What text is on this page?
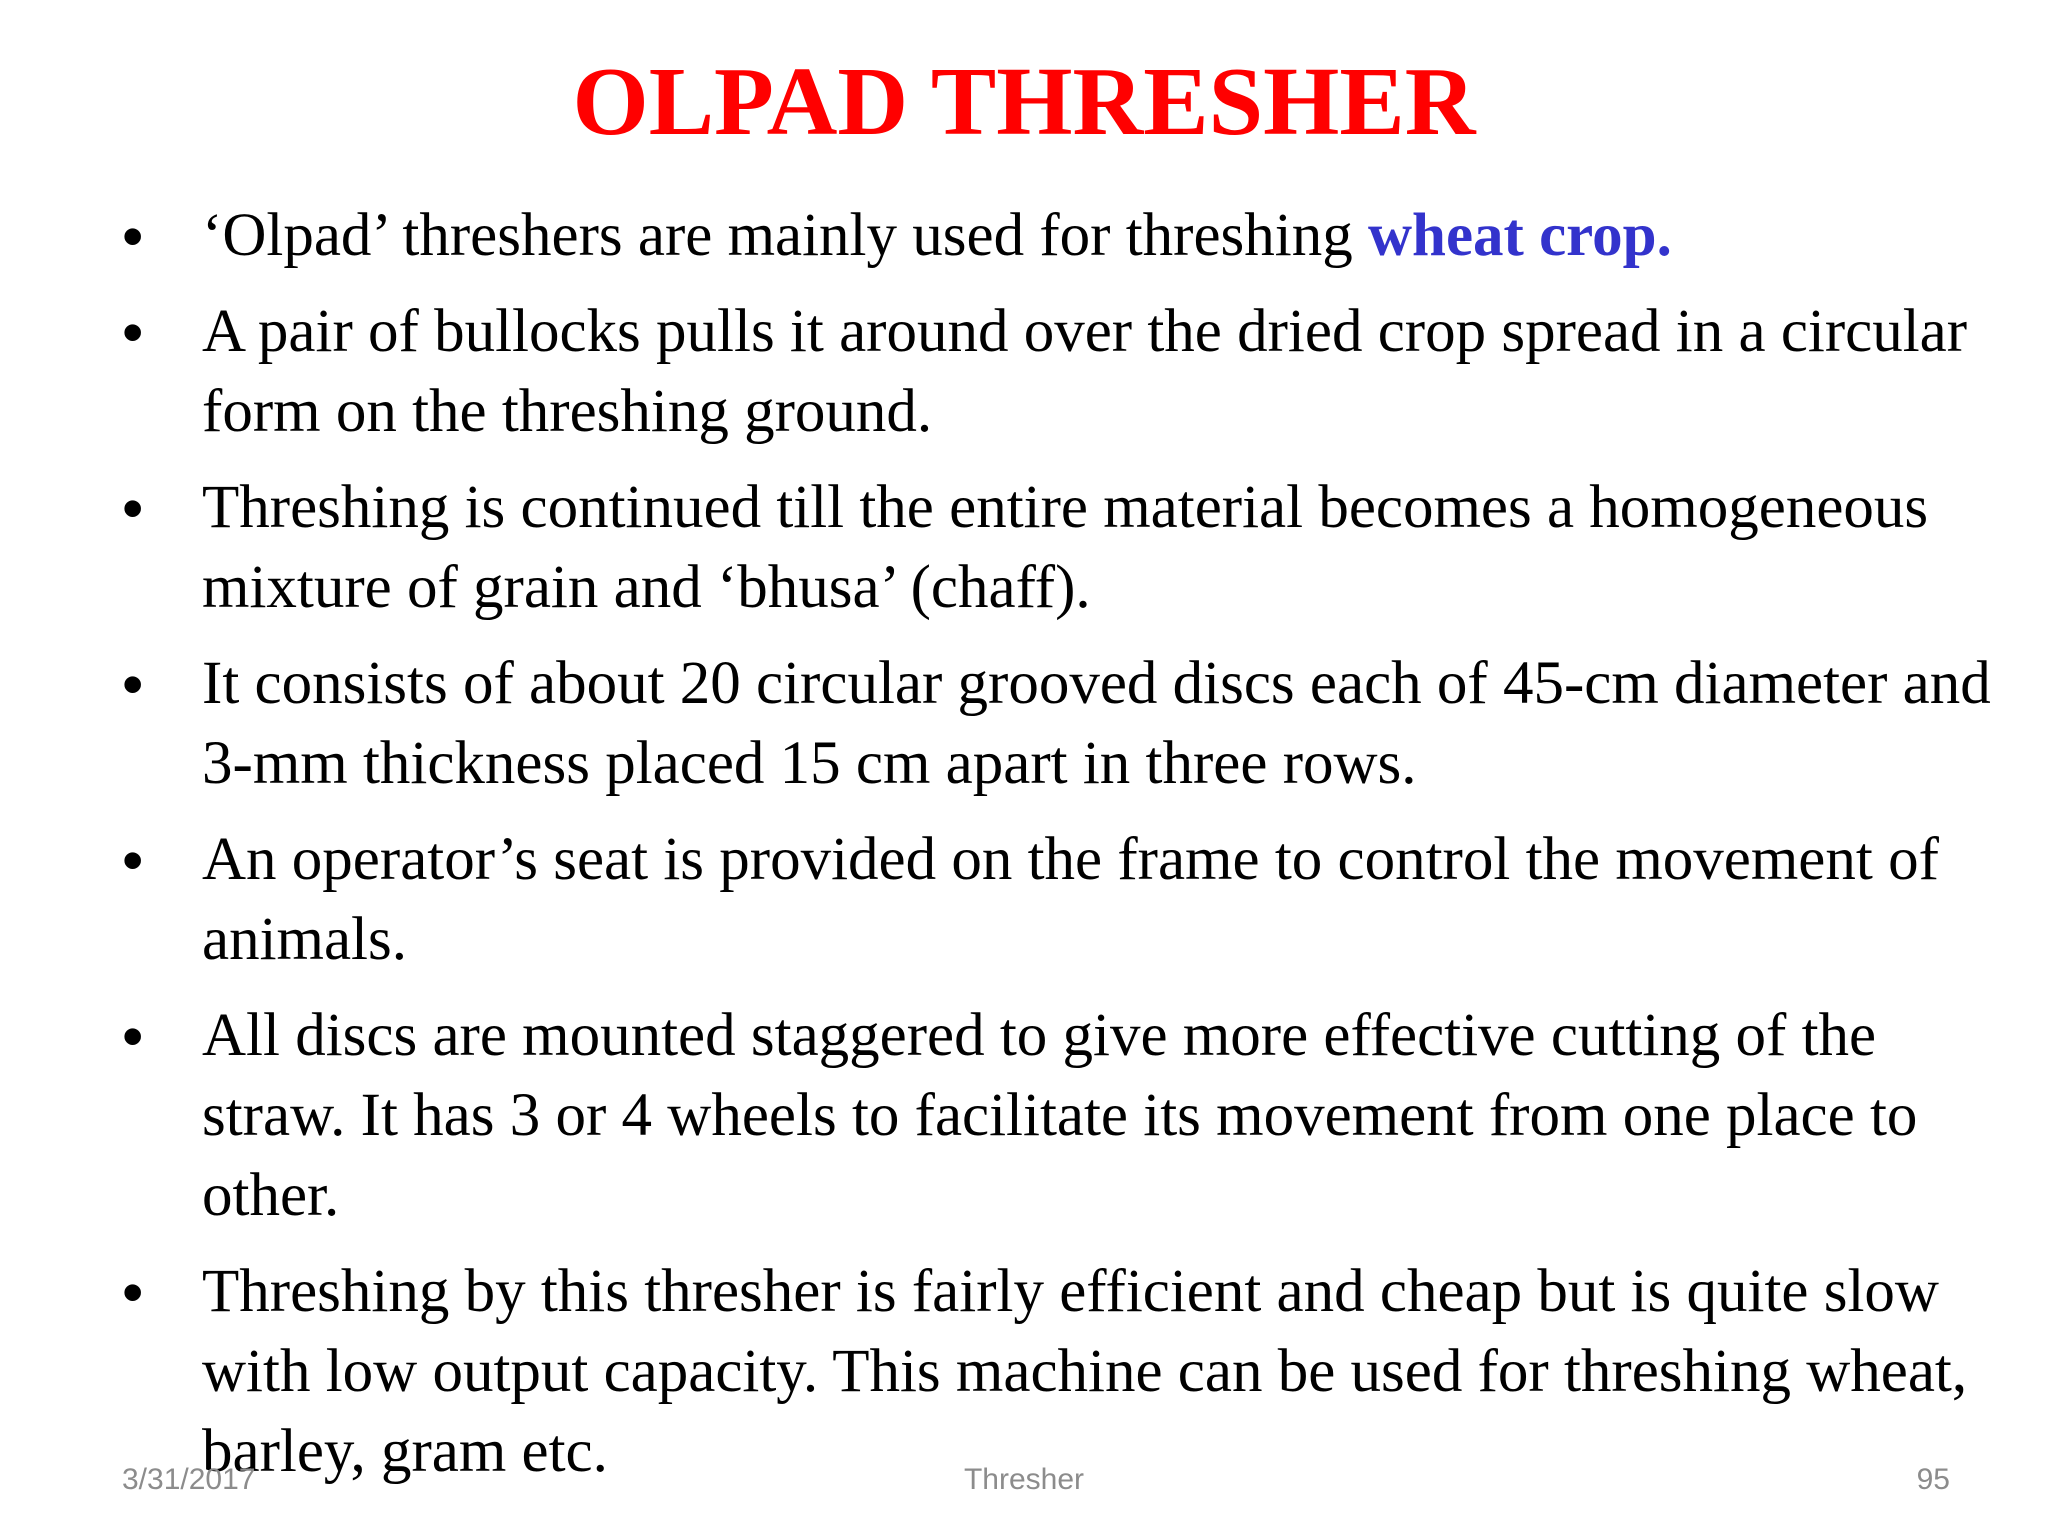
OLPAD THRESHER
• ‘Olpad’ threshers are mainly used for threshing wheat crop.
• A pair of bullocks pulls it around over the dried crop spread in a circular form on the threshing ground.
• Threshing is continued till the entire material becomes a homogeneous mixture of grain and ‘bhusa’ (chaff).
• It consists of about 20 circular grooved discs each of 45-cm diameter and 3-mm thickness placed 15 cm apart in three rows.
• An operator’s seat is provided on the frame to control the movement of animals.
• All discs are mounted staggered to give more effective cutting of the straw. It has 3 or 4 wheels to facilitate its movement from one place to other.
• Threshing by this thresher is fairly efficient and cheap but is quite slow with low output capacity. This machine can be used for threshing wheat, barley, gram etc.
3/31/2017	Thresher	95
